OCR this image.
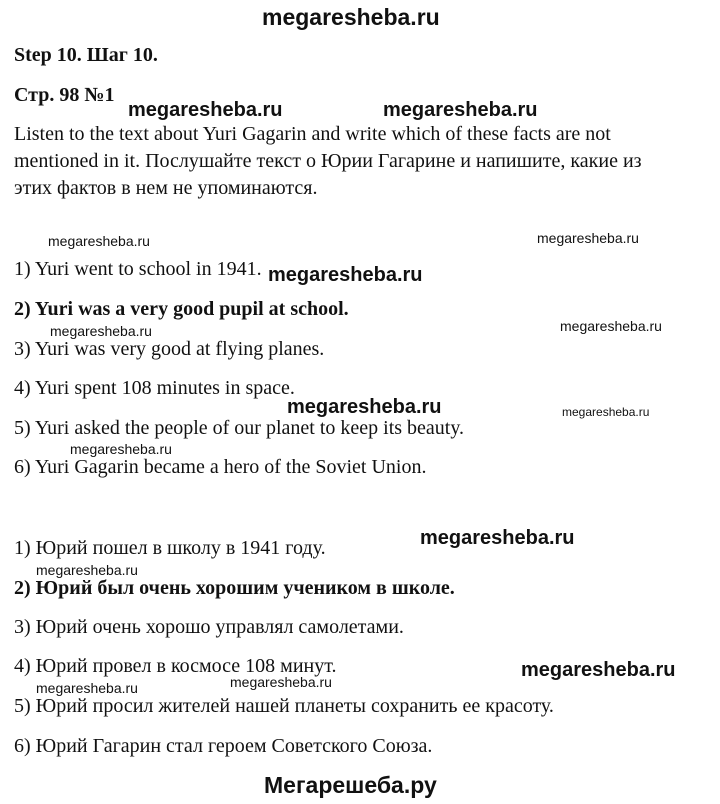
megaresheba.ru
Step 10. Шаг 10.
Стр. 98 №1
Listen to the text about Yuri Gagarin and write which of these facts are not
mentioned in it. Послушайте текст о Юрии Гагарине и напишите, какие из
этих фактов в нем не упоминаются.
1) Yuri went to school in 1941.
2) Yuri was a very good pupil at school.
3) Yuri was very good at flying planes.
4) Yuri spent 108 minutes in space.
5) Yuri asked the people of our planet to keep its beauty.
6) Yuri Gagarin became a hero of the Soviet Union.
1) Юрий пошел в школу в 1941 году.
2) Юрий был очень хорошим учеником в школе.
3) Юрий очень хорошо управлял самолетами.
4) Юрий провел в космосе 108 минут.
5) Юрий просил жителей нашей планеты сохранить ее красоту.
6) Юрий Гагарин стал героем Советского Союза.
megaresheba.ru	megaresheba.ru
megaresheba.ru	megaresheba.ru
megaresheba.ru
megaresheba.ru	megaresheba.ru
megaresheba.ru	megaresheba.ru
megaresheba.ru
megaresheba.ru
megaresheba.ru
megaresheba.ru
megaresheba.ru	megaresheba.ru
Мегарешеба.ру
